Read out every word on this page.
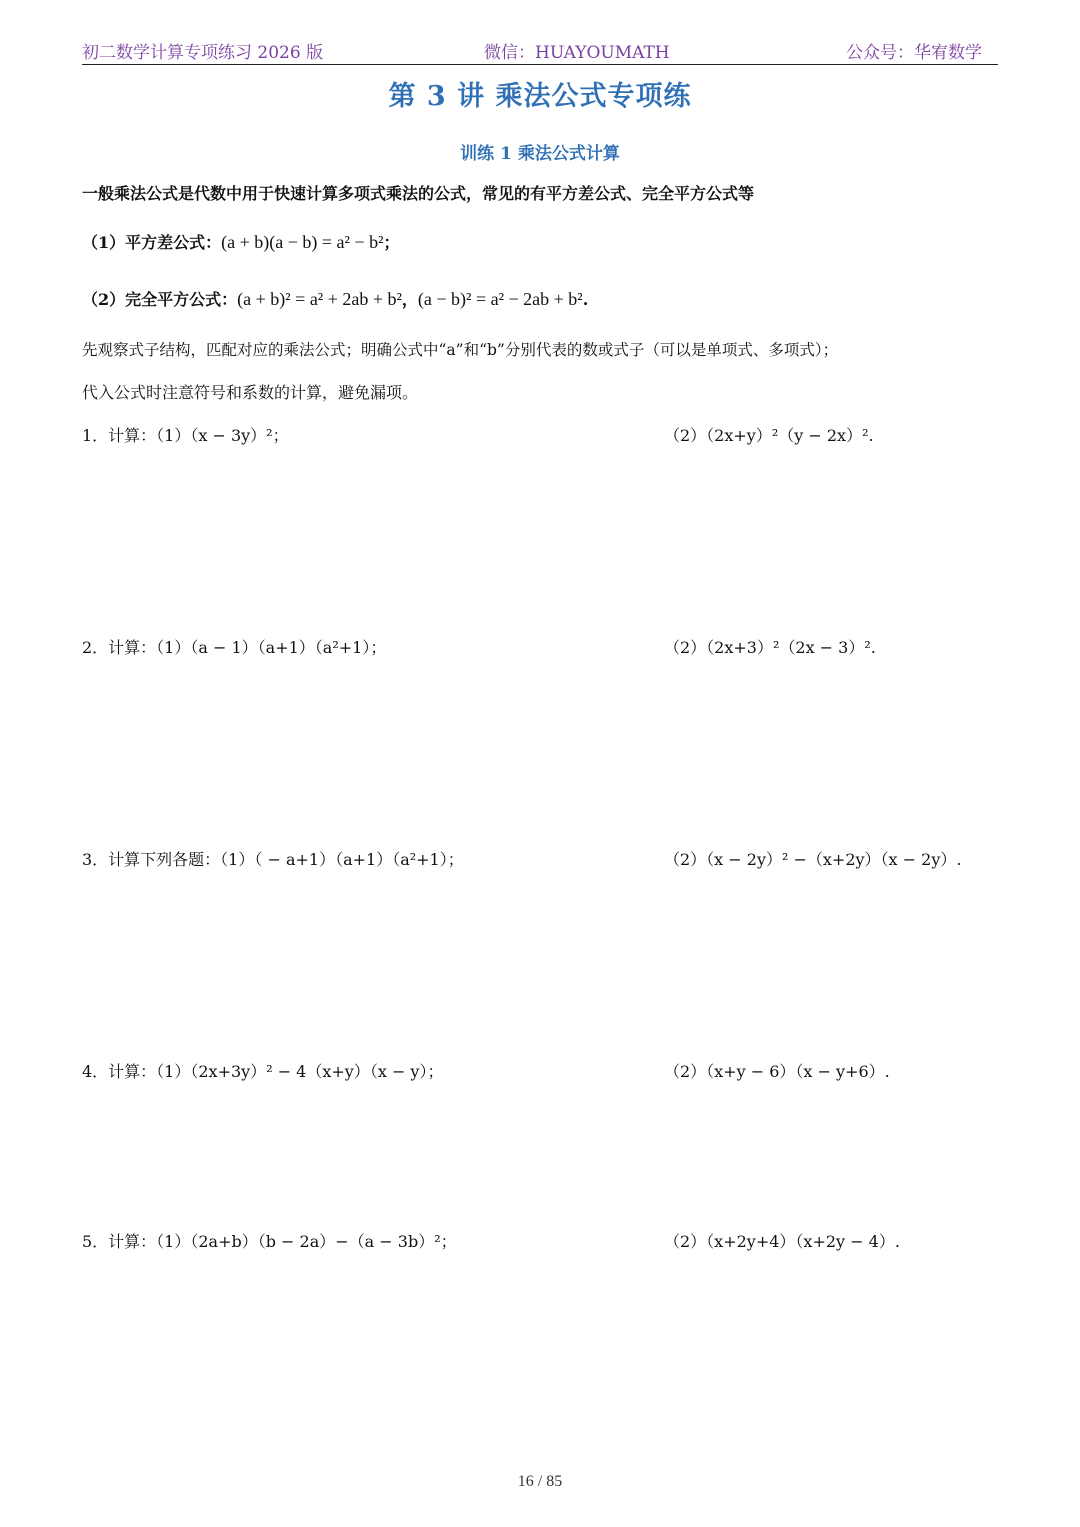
初二数学计算专项练习 2026 版	微信：HUAYOUMATH	公众号：华宥数学
第 3 讲 乘法公式专项练
训练 1 乘法公式计算
一般乘法公式是代数中用于快速计算多项式乘法的公式，常见的有平方差公式、完全平方公式等
（1）平方差公式：(a + b)(a − b) = a² − b²；
（2）完全平方公式：(a + b)² = a² + 2ab + b²，(a − b)² = a² − 2ab + b².
先观察式子结构，匹配对应的乘法公式；明确公式中“a”和“b”分别代表的数或式子（可以是单项式、多项式）；
代入公式时注意符号和系数的计算，避免漏项。
1．计算：（1）（x − 3y）²；	（2）（2x+y）²（y − 2x）².
2．计算：（1）（a − 1）（a+1）（a²+1）；	（2）（2x+3）²（2x − 3）².
3．计算下列各题：（1）（ − a+1）（a+1）（a²+1）；	（2）（x − 2y）² −（x+2y）（x − 2y）.
4．计算：（1）（2x+3y）² − 4（x+y）（x − y）；	（2）（x+y − 6）（x − y+6）.
5．计算：（1）（2a+b）（b − 2a）−（a − 3b）²；	（2）（x+2y+4）（x+2y − 4）.
16 / 85
